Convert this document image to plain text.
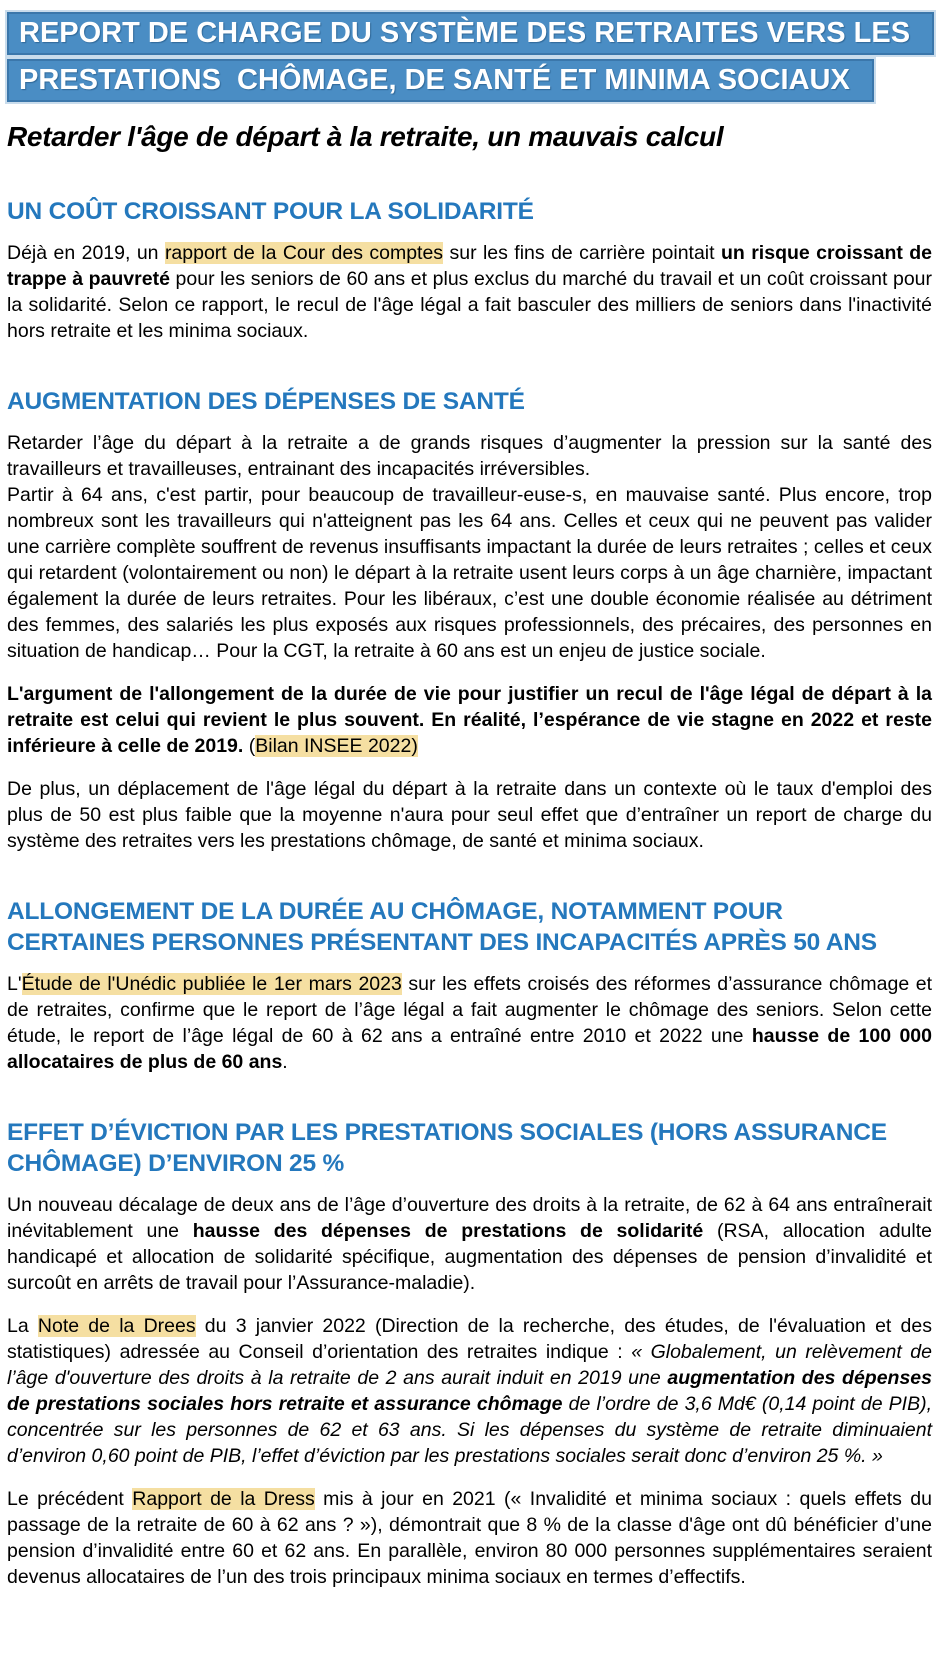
REPORT DE CHARGE DU SYSTÈME DES RETRAITES VERS LES
PRESTATIONS  CHÔMAGE, DE SANTÉ ET MINIMA SOCIAUX

Retarder l'âge de départ à la retraite, un mauvais calcul

UN COÛT CROISSANT POUR LA SOLIDARITÉ

Déjà en 2019, un rapport de la Cour des comptes sur les fins de carrière pointait un risque croissant de trappe à pauvreté pour les seniors de 60 ans et plus exclus du marché du travail et un coût croissant pour la solidarité. Selon ce rapport, le recul de l'âge légal a fait basculer des milliers de seniors dans l'inactivité hors retraite et les minima sociaux.

AUGMENTATION DES DÉPENSES DE SANTÉ

Retarder l’âge du départ à la retraite a de grands risques d’augmenter la pression sur la santé des travailleurs et travailleuses, entrainant des incapacités irréversibles.

Partir à 64 ans, c'est partir, pour beaucoup de travailleur-euse-s, en mauvaise santé. Plus encore, trop nombreux sont les travailleurs qui n'atteignent pas les 64 ans. Celles et ceux qui ne peuvent pas valider une carrière complète souffrent de revenus insuffisants impactant la durée de leurs retraites ; celles et ceux qui retardent (volontairement ou non) le départ à la retraite usent leurs corps à un âge charnière, impactant également la durée de leurs retraites. Pour les libéraux, c’est une double économie réalisée au détriment des femmes, des salariés les plus exposés aux risques professionnels, des précaires, des personnes en situation de handicap… Pour la CGT, la retraite à 60 ans est un enjeu de justice sociale.

L'argument de l'allongement de la durée de vie pour justifier un recul de l'âge légal de départ à la retraite est celui qui revient le plus souvent. En réalité, l’espérance de vie stagne en 2022 et reste inférieure à celle de 2019. (Bilan INSEE 2022)

De plus, un déplacement de l'âge légal du départ à la retraite dans un contexte où le taux d'emploi des plus de 50 est plus faible que la moyenne n'aura pour seul effet que d’entraîner un report de charge du système des retraites vers les prestations chômage, de santé et minima sociaux.

ALLONGEMENT DE LA DURÉE AU CHÔMAGE, NOTAMMENT POUR
CERTAINES PERSONNES PRÉSENTANT DES INCAPACITÉS APRÈS 50 ANS

L'Étude de l'Unédic publiée le 1er mars 2023 sur les effets croisés des réformes d’assurance chômage et de retraites, confirme que le report de l’âge légal a fait augmenter le chômage des seniors. Selon cette étude, le report de l’âge légal de 60 à 62 ans a entraîné entre 2010 et 2022 une hausse de 100 000 allocataires de plus de 60 ans.

EFFET D’ÉVICTION PAR LES PRESTATIONS SOCIALES (HORS ASSURANCE
CHÔMAGE) D’ENVIRON 25 %

Un nouveau décalage de deux ans de l’âge d’ouverture des droits à la retraite, de 62 à 64 ans entraînerait inévitablement une hausse des dépenses de prestations de solidarité (RSA, allocation adulte handicapé et allocation de solidarité spécifique, augmentation des dépenses de pension d’invalidité et surcoût en arrêts de travail pour l’Assurance-maladie).

La Note de la Drees du 3 janvier 2022 (Direction de la recherche, des études, de l'évaluation et des statistiques) adressée au Conseil d’orientation des retraites indique : « Globalement, un relèvement de l’âge d'ouverture des droits à la retraite de 2 ans aurait induit en 2019 une augmentation des dépenses de prestations sociales hors retraite et assurance chômage de l’ordre de 3,6 Md€ (0,14 point de PIB), concentrée sur les personnes de 62 et 63 ans. Si les dépenses du système de retraite diminuaient d’environ 0,60 point de PIB, l’effet d’éviction par les prestations sociales serait donc d’environ 25 %. »

Le précédent Rapport de la Dress mis à jour en 2021 (« Invalidité et minima sociaux : quels effets du passage de la retraite de 60 à 62 ans ? »), démontrait que 8 % de la classe d'âge ont dû bénéficier d’une pension d’invalidité entre 60 et 62 ans. En parallèle, environ 80 000 personnes supplémentaires seraient devenus allocataires de l’un des trois principaux minima sociaux en termes d’effectifs.
